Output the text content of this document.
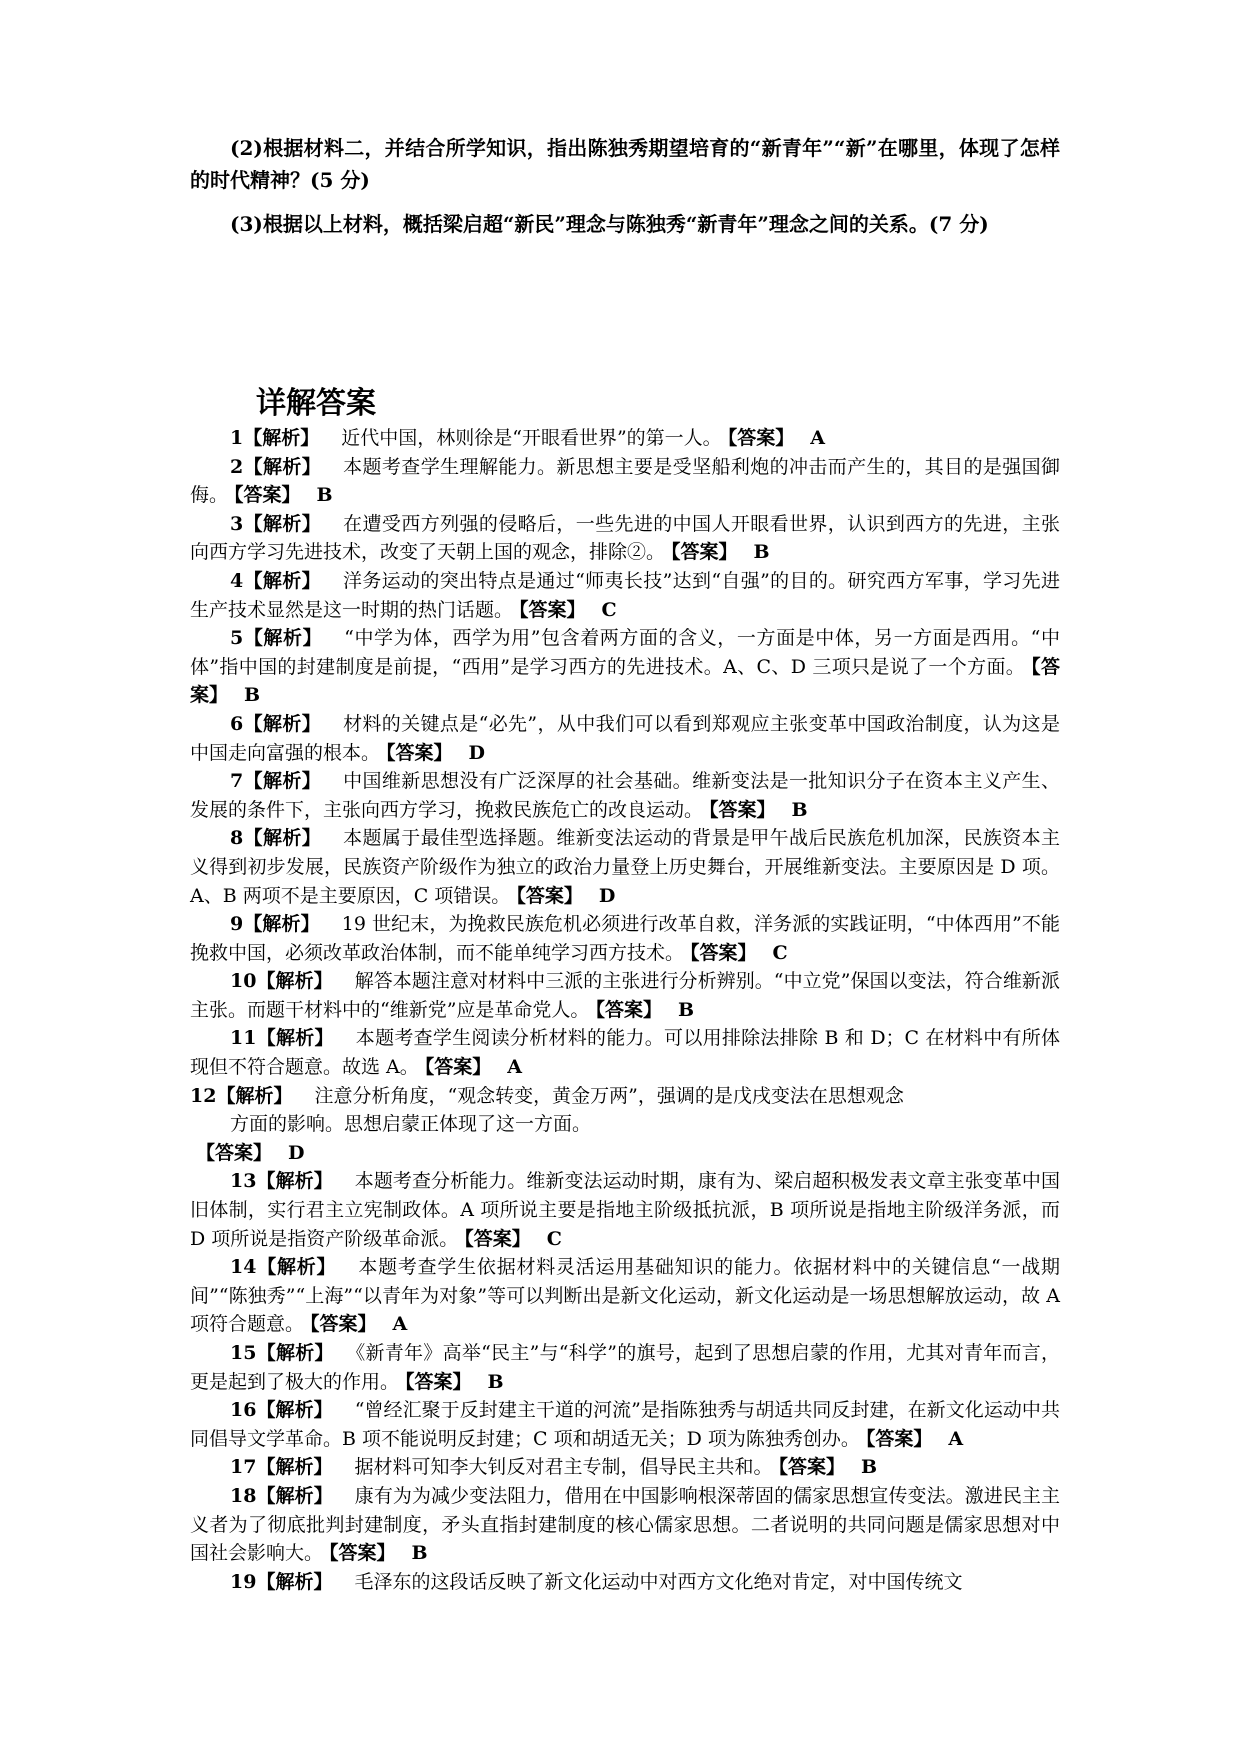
(2)根据材料二，并结合所学知识，指出陈独秀期望培育的“新青年”“新”在哪里，体现了怎样的时代精神？(5 分)

(3)根据以上材料，概括梁启超“新民”理念与陈独秀“新青年”理念之间的关系。(7 分)

详解答案

1【解析】 近代中国，林则徐是“开眼看世界”的第一人。 【答案】 A

2【解析】 本题考查学生理解能力。新思想主要是受坚船利炮的冲击而产生的，其目的是强国御侮。 【答案】 B

3【解析】 在遭受西方列强的侵略后，一些先进的中国人开眼看世界，认识到西方的先进，主张向西方学习先进技术，改变了天朝上国的观念，排除②。 【答案】 B

4【解析】 洋务运动的突出特点是通过“师夷长技”达到“自强”的目的。研究西方军事，学习先进生产技术显然是这一时期的热门话题。 【答案】 C

5【解析】 “中学为体，西学为用”包含着两方面的含义，一方面是中体，另一方面是西用。“中体”指中国的封建制度是前提，“西用”是学习西方的先进技术。A、C、D 三项只是说了一个方面。 【答案】 B

6【解析】 材料的关键点是“必先”，从中我们可以看到郑观应主张变革中国政治制度，认为这是中国走向富强的根本。 【答案】 D

7【解析】 中国维新思想没有广泛深厚的社会基础。维新变法是一批知识分子在资本主义产生、发展的条件下，主张向西方学习，挽救民族危亡的改良运动。 【答案】 B

8【解析】 本题属于最佳型选择题。维新变法运动的背景是甲午战后民族危机加深，民族资本主义得到初步发展，民族资产阶级作为独立的政治力量登上历史舞台，开展维新变法。主要原因是 D 项。A、B 两项不是主要原因，C 项错误。 【答案】 D

9【解析】 19 世纪末，为挽救民族危机必须进行改革自救，洋务派的实践证明，“中体西用”不能挽救中国，必须改革政治体制，而不能单纯学习西方技术。 【答案】 C

10【解析】 解答本题注意对材料中三派的主张进行分析辨别。“中立党”保国以变法，符合维新派主张。而题干材料中的“维新党”应是革命党人。 【答案】 B

11【解析】 本题考查学生阅读分析材料的能力。可以用排除法排除 B 和 D；C 在材料中有所体现但不符合题意。故选 A。 【答案】 A

12【解析】 注意分析角度，“观念转变，黄金万两”，强调的是戊戌变法在思想观念
方面的影响。思想启蒙正体现了这一方面。
【答案】 D

13【解析】 本题考查分析能力。维新变法运动时期，康有为、梁启超积极发表文章主张变革中国旧体制，实行君主立宪制政体。A 项所说主要是指地主阶级抵抗派，B 项所说是指地主阶级洋务派，而 D 项所说是指资产阶级革命派。 【答案】 C

14【解析】 本题考查学生依据材料灵活运用基础知识的能力。依据材料中的关键信息“一战期间”“陈独秀”“上海”“以青年为对象”等可以判断出是新文化运动，新文化运动是一场思想解放运动，故 A 项符合题意。 【答案】 A

15【解析】 《新青年》高举“民主”与“科学”的旗号，起到了思想启蒙的作用，尤其对青年而言，更是起到了极大的作用。 【答案】 B

16【解析】 “曾经汇聚于反封建主干道的河流”是指陈独秀与胡适共同反封建，在新文化运动中共同倡导文学革命。B 项不能说明反封建；C 项和胡适无关；D 项为陈独秀创办。 【答案】 A

17【解析】 据材料可知李大钊反对君主专制，倡导民主共和。 【答案】 B

18【解析】 康有为为减少变法阻力，借用在中国影响根深蒂固的儒家思想宣传变法。激进民主主义者为了彻底批判封建制度，矛头直指封建制度的核心儒家思想。二者说明的共同问题是儒家思想对中国社会影响大。 【答案】 B

19【解析】 毛泽东的这段话反映了新文化运动中对西方文化绝对肯定，对中国传统文
